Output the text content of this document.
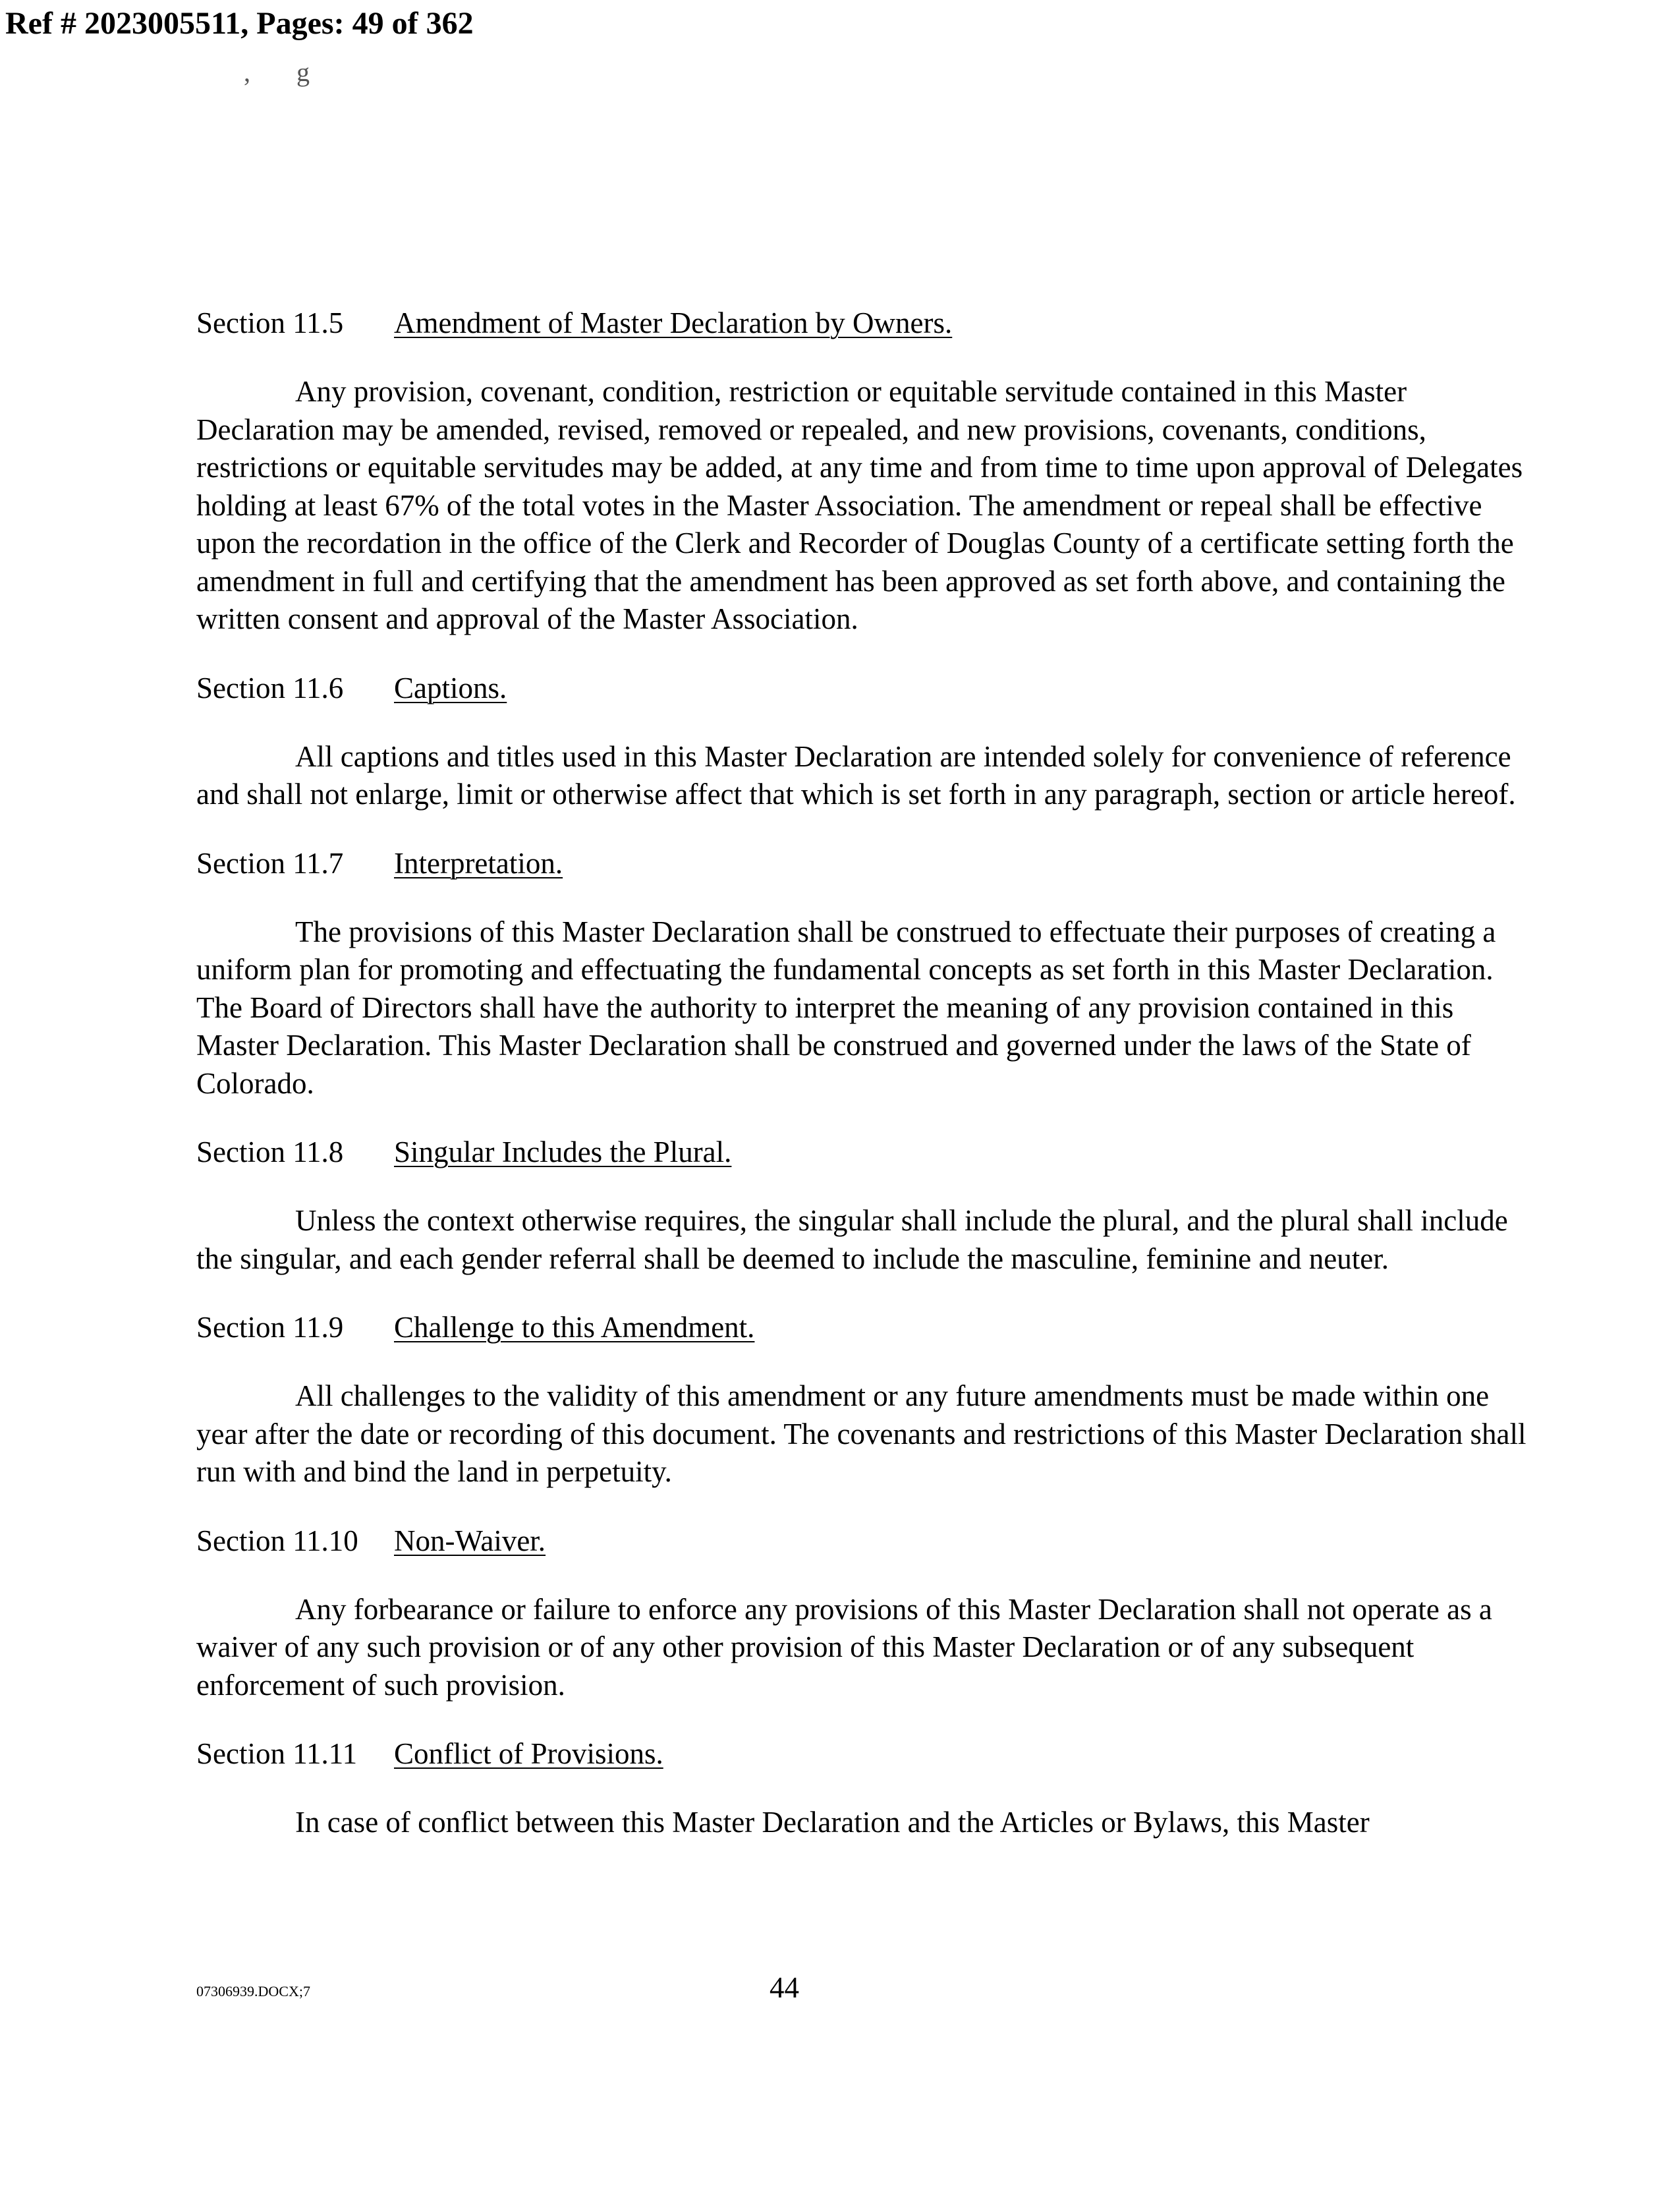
Ref # 2023005511, Pages: 49 of 362
, g

Section 11.5 Amendment of Master Declaration by Owners.

Any provision, covenant, condition, restriction or equitable servitude contained in this Master Declaration may be amended, revised, removed or repealed, and new provisions, covenants, conditions, restrictions or equitable servitudes may be added, at any time and from time to time upon approval of Delegates holding at least 67% of the total votes in the Master Association. The amendment or repeal shall be effective upon the recordation in the office of the Clerk and Recorder of Douglas County of a certificate setting forth the amendment in full and certifying that the amendment has been approved as set forth above, and containing the written consent and approval of the Master Association.

Section 11.6 Captions.

All captions and titles used in this Master Declaration are intended solely for convenience of reference and shall not enlarge, limit or otherwise affect that which is set forth in any paragraph, section or article hereof.

Section 11.7 Interpretation.

The provisions of this Master Declaration shall be construed to effectuate their purposes of creating a uniform plan for promoting and effectuating the fundamental concepts as set forth in this Master Declaration. The Board of Directors shall have the authority to interpret the meaning of any provision contained in this Master Declaration. This Master Declaration shall be construed and governed under the laws of the State of Colorado.

Section 11.8 Singular Includes the Plural.

Unless the context otherwise requires, the singular shall include the plural, and the plural shall include the singular, and each gender referral shall be deemed to include the masculine, feminine and neuter.

Section 11.9 Challenge to this Amendment.

All challenges to the validity of this amendment or any future amendments must be made within one year after the date or recording of this document. The covenants and restrictions of this Master Declaration shall run with and bind the land in perpetuity.

Section 11.10 Non-Waiver.

Any forbearance or failure to enforce any provisions of this Master Declaration shall not operate as a waiver of any such provision or of any other provision of this Master Declaration or of any subsequent enforcement of such provision.

Section 11.11 Conflict of Provisions.

In case of conflict between this Master Declaration and the Articles or Bylaws, this Master

07306939.DOCX;7	44
